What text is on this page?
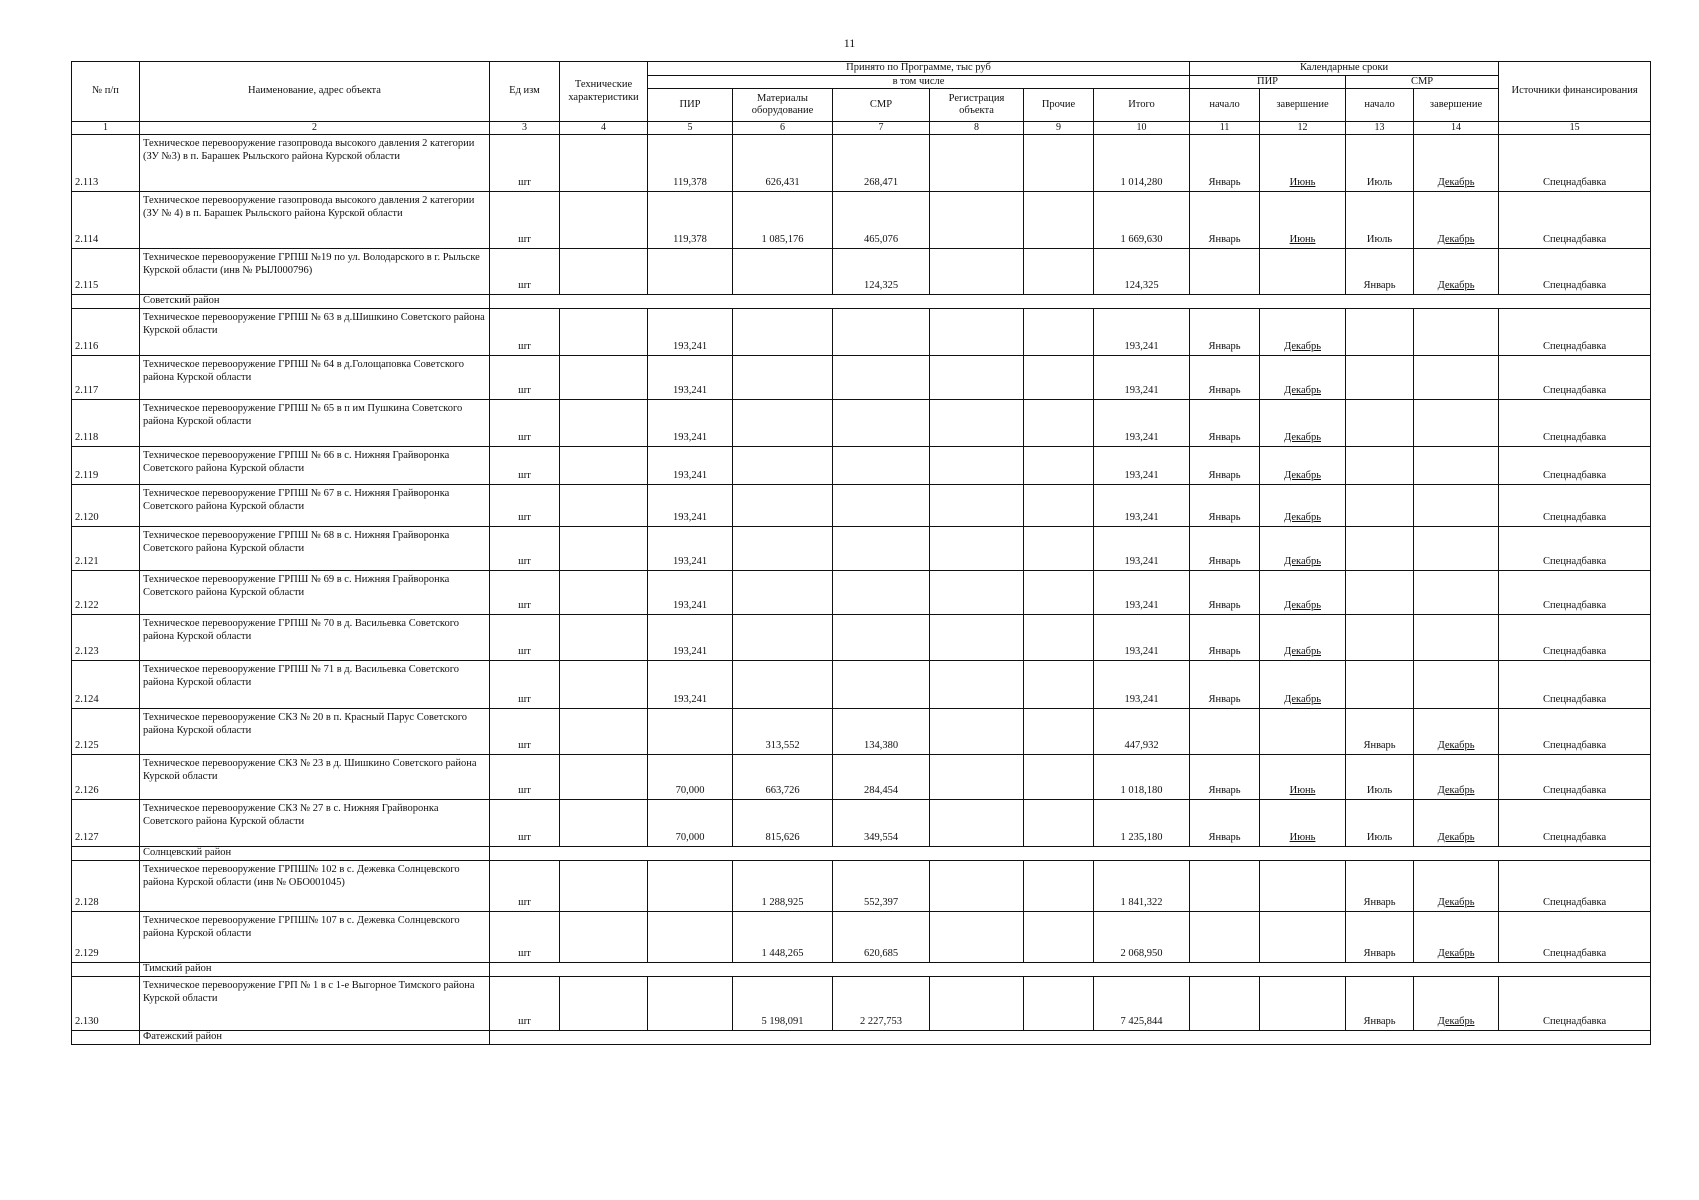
11
№ п/п	Наименование, адрес объекта	Ед изм	Технические характеристики	Принято по Программе, тыс руб						Календарные сроки				Источники финансирования
				в том числе						ПИР		СМР		
				ПИР	Материалы оборудование	СМР	Регистрация объекта	Прочие	Итого	начало	завершение	начало	завершение	

1	2	3	4	5	6	7	8	9	10	11	12	13	14	15
2.113	Техническое перевооружение газопровода высокого давления 2 категории (ЗУ №3) в п. Барашек Рыльского района Курской области	шт		119,378	626,431	268,471			1 014,280	Январь	Июнь	Июль	Декабрь	Спецнадбавка
2.114	Техническое перевооружение газопровода высокого давления 2 категории (ЗУ № 4) в п. Барашек Рыльского района Курской области	шт		119,378	1 085,176	465,076			1 669,630	Январь	Июнь	Июль	Декабрь	Спецнадбавка
2.115	Техническое перевооружение ГРПШ №19 по ул. Володарского в г. Рыльске Курской области (инв № РЫЛ000796)	шт				124,325			124,325			Январь	Декабрь	Спецнадбавка
	Советский район													
2.116	Техническое перевооружение ГРПШ № 63 в д.Шишкино Советского района Курской области	шт		193,241					193,241	Январь	Декабрь			Спецнадбавка
2.117	Техническое перевооружение ГРПШ № 64 в д.Голощаповка Советского района Курской области	шт		193,241					193,241	Январь	Декабрь			Спецнадбавка
2.118	Техническое перевооружение ГРПШ № 65 в п им Пушкина Советского района Курской области	шт		193,241					193,241	Январь	Декабрь			Спецнадбавка
2.119	Техническое перевооружение ГРПШ № 66 в с. Нижняя Грайворонка Советского района Курской области	шт		193,241					193,241	Январь	Декабрь			Спецнадбавка
2.120	Техническое перевооружение ГРПШ № 67 в с. Нижняя Грайворонка Советского района Курской области	шт		193,241					193,241	Январь	Декабрь			Спецнадбавка
2.121	Техническое перевооружение ГРПШ № 68 в с. Нижняя Грайворонка Советского района Курской области	шт		193,241					193,241	Январь	Декабрь			Спецнадбавка
2.122	Техническое перевооружение ГРПШ № 69 в с. Нижняя Грайворонка Советского района Курской области	шт		193,241					193,241	Январь	Декабрь			Спецнадбавка
2.123	Техническое перевооружение ГРПШ № 70 в д. Васильевка Советского района Курской области	шт		193,241					193,241	Январь	Декабрь			Спецнадбавка
2.124	Техническое перевооружение ГРПШ № 71 в д. Васильевка Советского района Курской области	шт		193,241					193,241	Январь	Декабрь			Спецнадбавка
2.125	Техническое перевооружение СКЗ № 20 в п. Красный Парус Советского района Курской области	шт			313,552	134,380			447,932			Январь	Декабрь	Спецнадбавка
2.126	Техническое перевооружение СКЗ № 23 в д. Шишкино Советского района Курской области	шт		70,000	663,726	284,454			1 018,180	Январь	Июнь	Июль	Декабрь	Спецнадбавка
2.127	Техническое перевооружение СКЗ № 27 в с. Нижняя Грайворонка Советского района Курской области	шт		70,000	815,626	349,554			1 235,180	Январь	Июнь	Июль	Декабрь	Спецнадбавка
	Солнцевский район													
2.128	Техническое перевооружение ГРПШ№ 102 в с. Дежевка Солнцевского района Курской области (инв № ОБО001045)	шт			1 288,925	552,397			1 841,322			Январь	Декабрь	Спецнадбавка
2.129	Техническое перевооружение ГРПШ№ 107 в с. Дежевка Солнцевского района Курской области	шт			1 448,265	620,685			2 068,950			Январь	Декабрь	Спецнадбавка
	Тимский район													
2.130	Техническое перевооружение ГРП № 1 в с 1-е Выгорное Тимского района Курской области	шт			5 198,091	2 227,753			7 425,844			Январь	Декабрь	Спецнадбавка
	Фатежский район													
